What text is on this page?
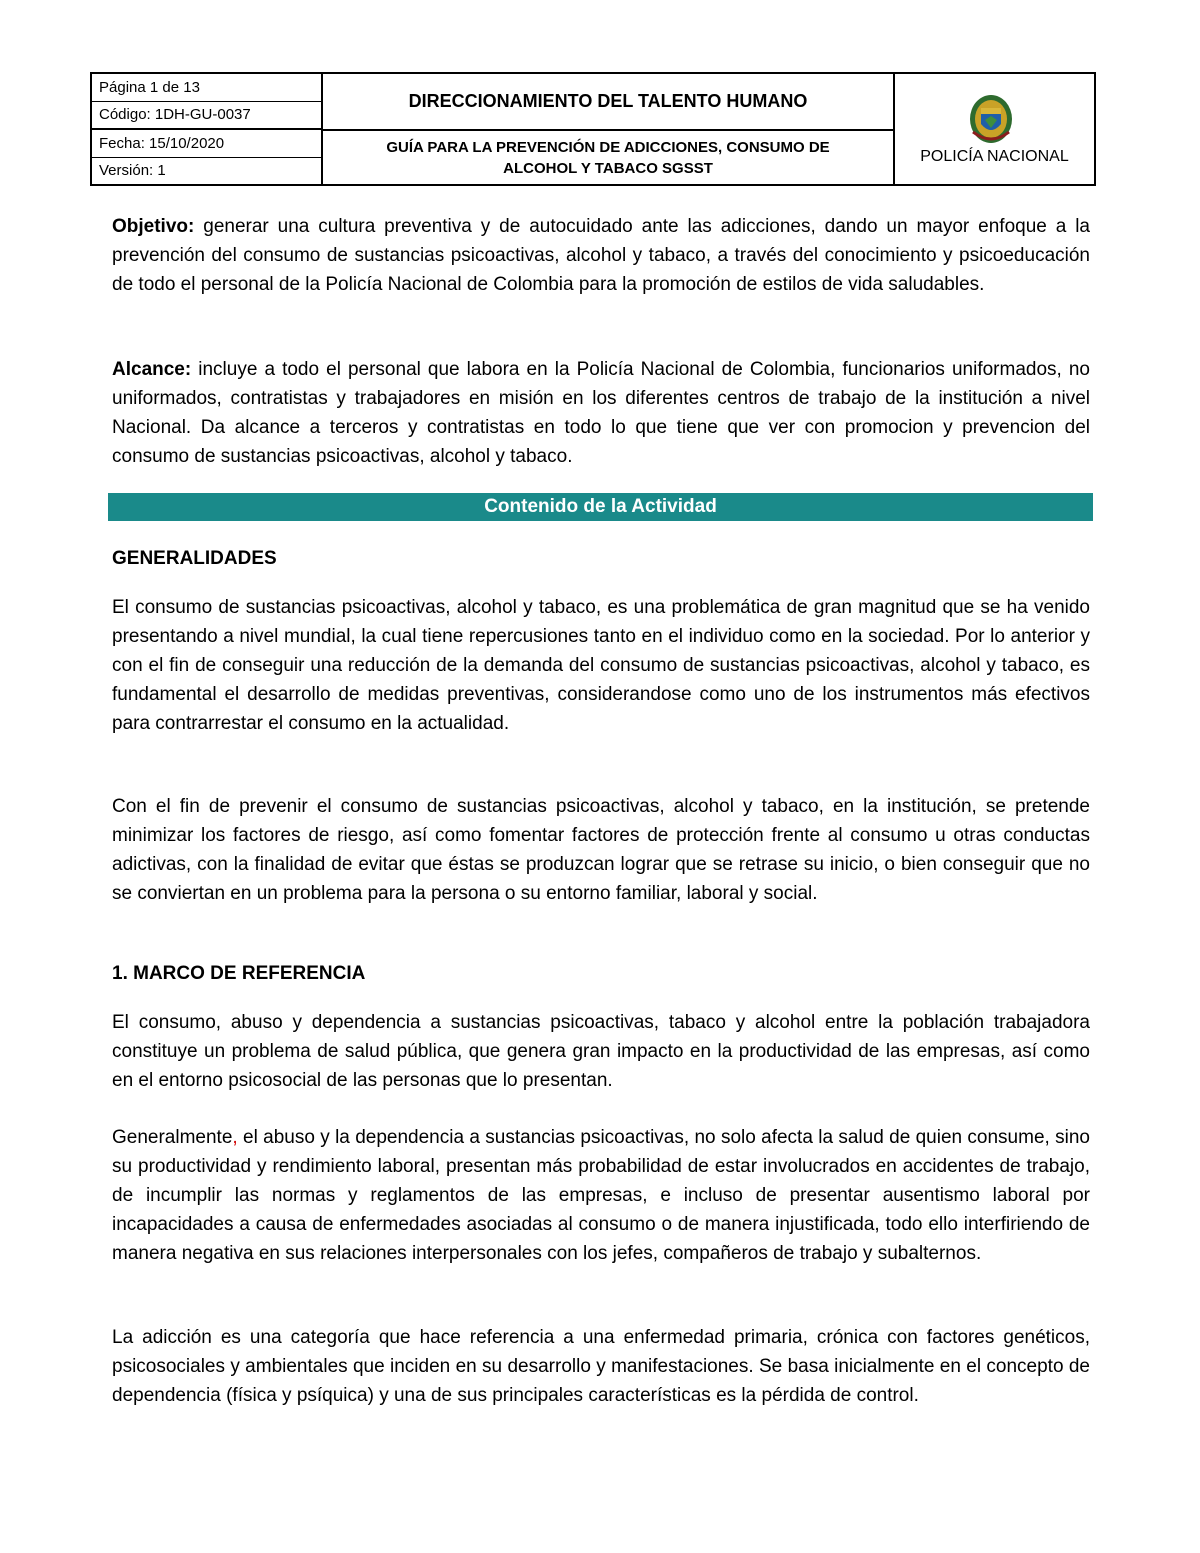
Página 1 de 13
Código: 1DH-GU-0037
Fecha: 15/10/2020
Versión: 1
DIRECCIONAMIENTO DEL TALENTO HUMANO
GUÍA PARA LA PREVENCIÓN DE ADICCIONES, CONSUMO DE ALCOHOL Y TABACO SGSST
POLICÍA NACIONAL
Objetivo: generar una cultura preventiva y de autocuidado ante las adicciones, dando un mayor enfoque a la prevención del consumo de sustancias psicoactivas, alcohol y tabaco, a través del conocimiento y psicoeducación de todo el personal de la Policía Nacional de Colombia para la promoción de estilos de vida saludables.
Alcance: incluye a todo el personal que labora en la Policía Nacional de Colombia, funcionarios uniformados, no uniformados, contratistas y trabajadores en misión en los diferentes centros de trabajo de la institución a nivel Nacional. Da alcance a terceros y contratistas en todo lo que tiene que ver con promocion y prevencion del consumo de sustancias psicoactivas, alcohol y tabaco.
Contenido de la Actividad
GENERALIDADES
El consumo de sustancias psicoactivas, alcohol y tabaco, es una problemática de gran magnitud que se ha venido presentando a nivel mundial, la cual tiene repercusiones tanto en el individuo como en la sociedad. Por lo anterior y con el fin de conseguir una reducción de la demanda del consumo de sustancias psicoactivas, alcohol y tabaco, es fundamental el desarrollo de medidas preventivas, considerandose como uno de los instrumentos más efectivos para contrarrestar el consumo en la actualidad.
Con el fin de prevenir el consumo de sustancias psicoactivas, alcohol y tabaco, en la institución, se pretende minimizar los factores de riesgo, así como fomentar factores de protección frente al consumo u otras conductas adictivas, con la finalidad de evitar que éstas se produzcan lograr que se retrase su inicio, o bien conseguir que no se conviertan en un problema para la persona o su entorno familiar, laboral y social.
1. MARCO DE REFERENCIA
El consumo, abuso y dependencia a sustancias psicoactivas, tabaco y alcohol entre la población trabajadora constituye un problema de salud pública, que genera gran impacto en la productividad de las empresas, así como en el entorno psicosocial de las personas que lo presentan.
Generalmente, el abuso y la dependencia a sustancias psicoactivas, no solo afecta la salud de quien consume, sino su productividad y rendimiento laboral, presentan más probabilidad de estar involucrados en accidentes de trabajo, de incumplir las normas y reglamentos de las empresas, e incluso de presentar ausentismo laboral por incapacidades a causa de enfermedades asociadas al consumo o de manera injustificada, todo ello interfiriendo de manera negativa en sus relaciones interpersonales con los jefes, compañeros de trabajo y subalternos.
La adicción es una categoría que hace referencia a una enfermedad primaria, crónica con factores genéticos, psicosociales y ambientales que inciden en su desarrollo y manifestaciones. Se basa inicialmente en el concepto de dependencia (física y psíquica) y una de sus principales características es la pérdida de control.
